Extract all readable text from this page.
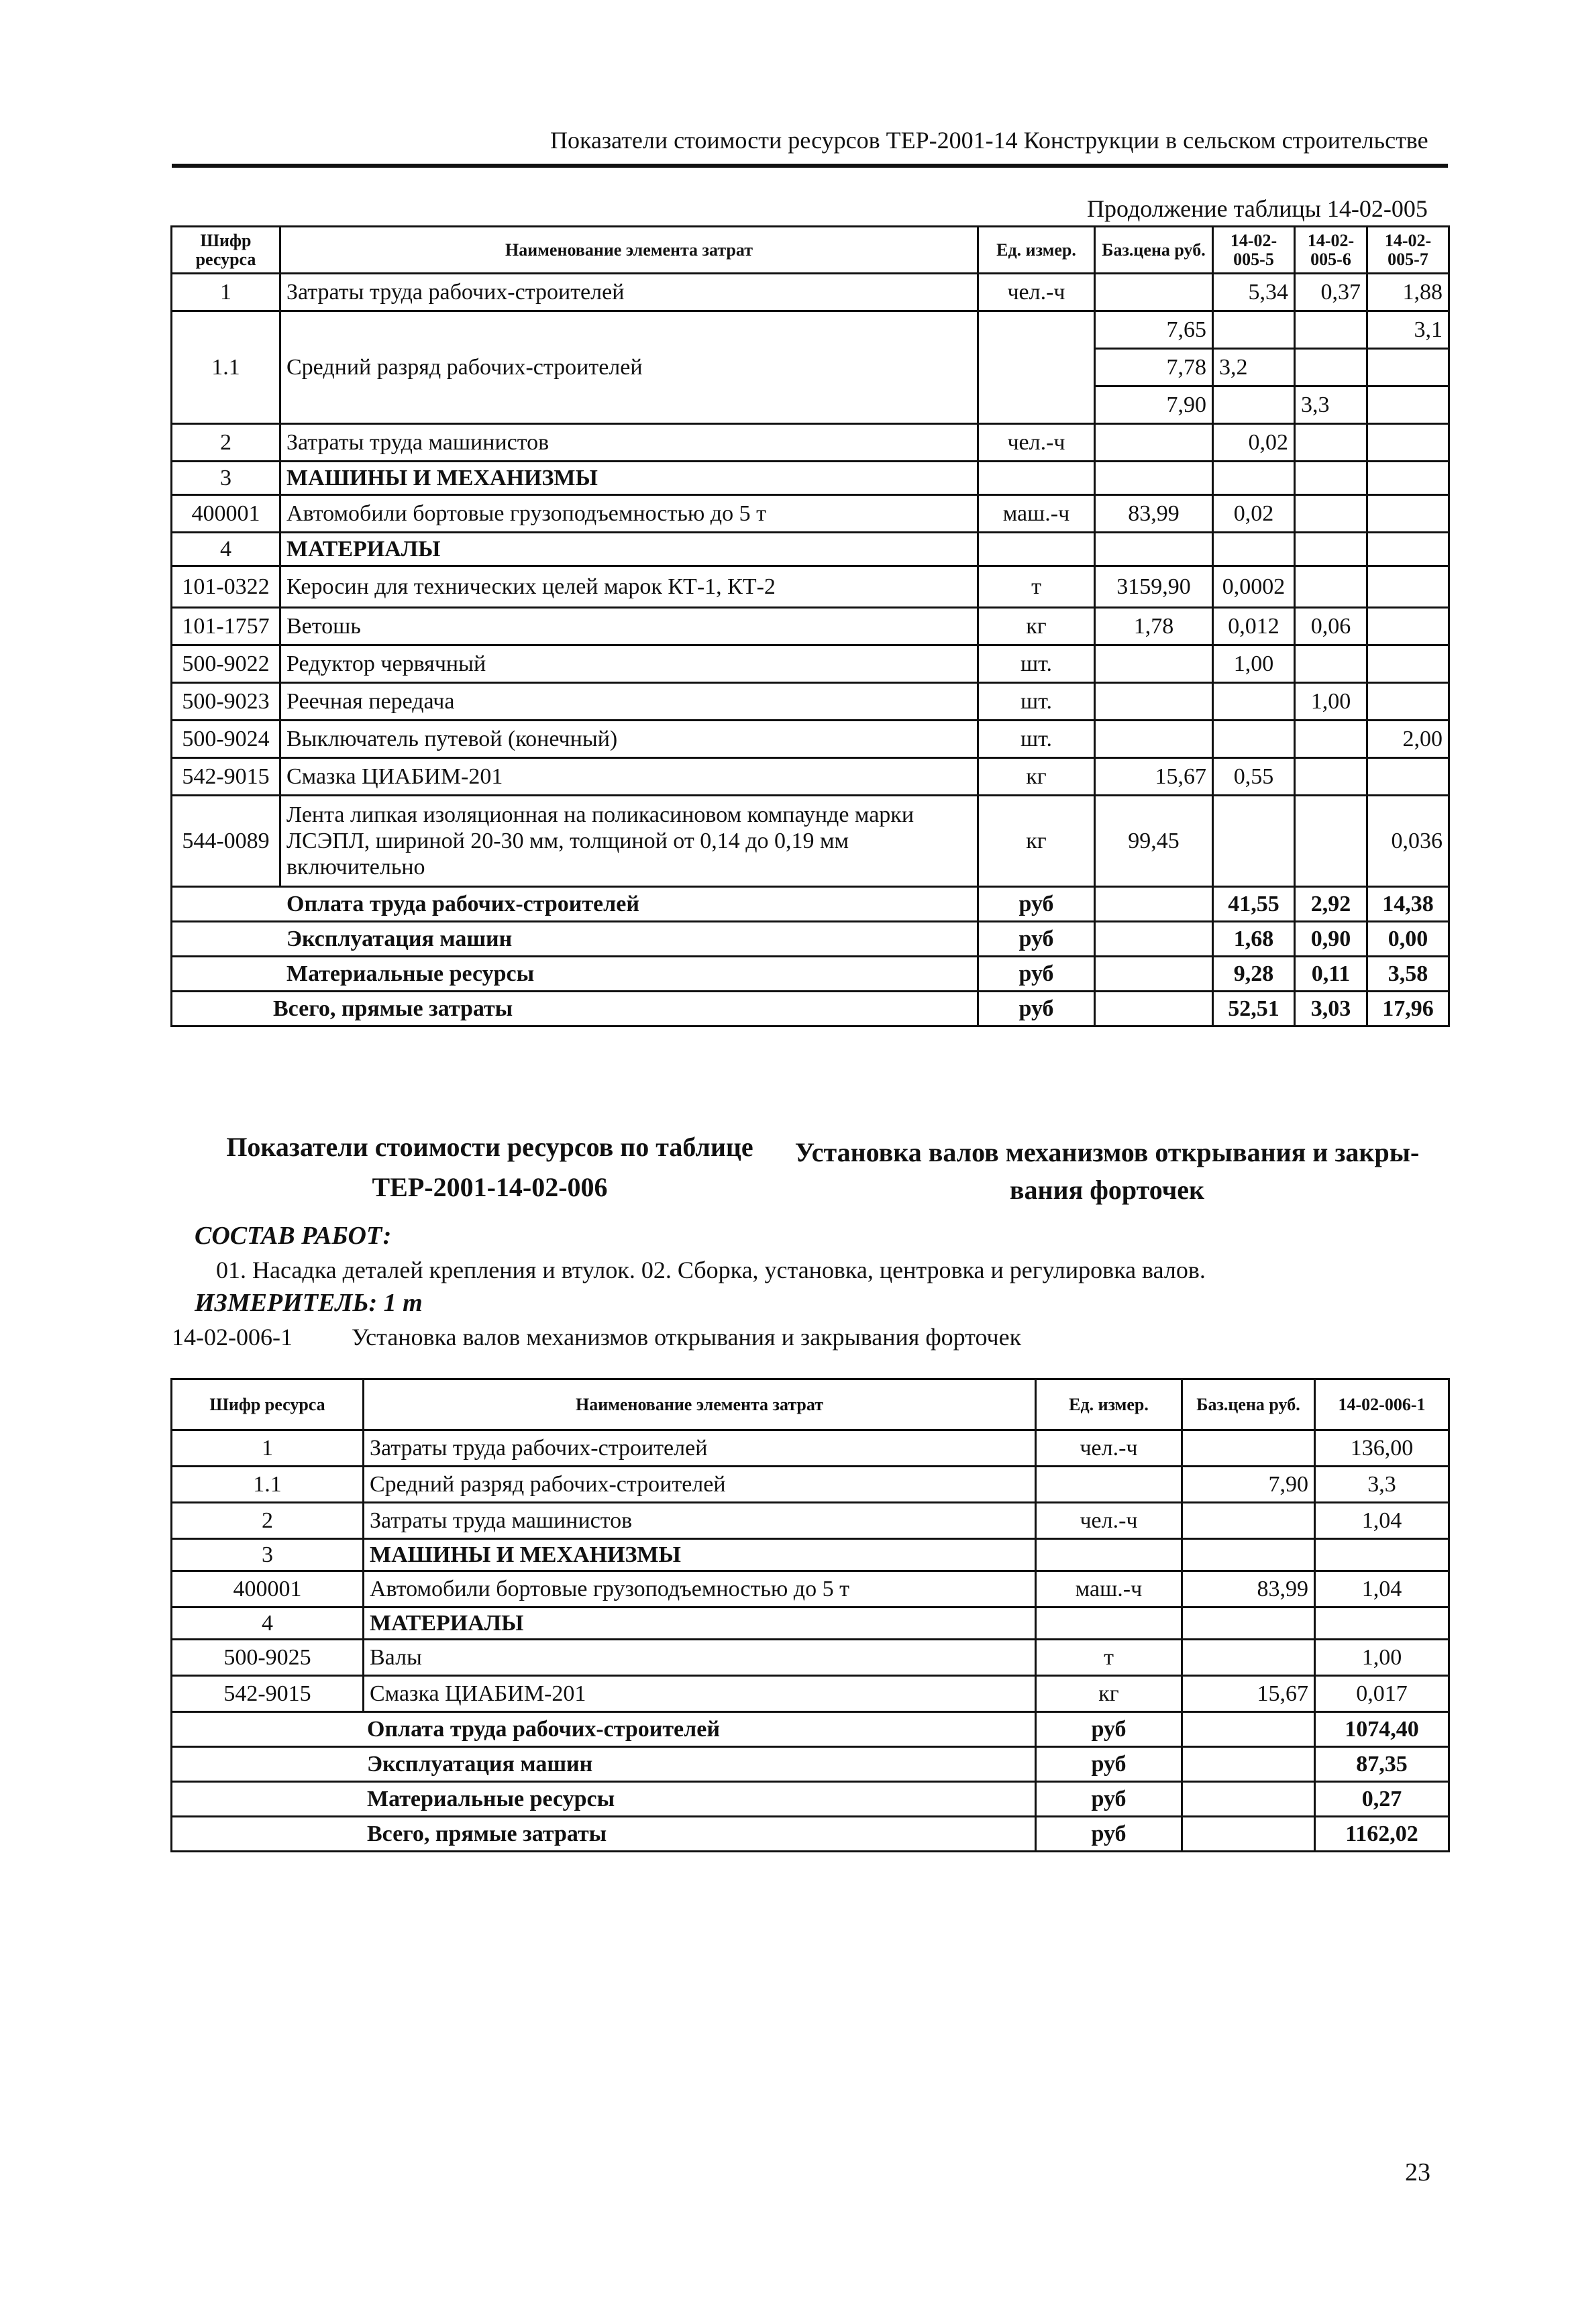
Показатели стоимости ресурсов ТЕР-2001-14 Конструкции в сельском строительстве
Продолжение таблицы 14-02-005
Шифр ресурса	Наименование элемента затрат	Ед. измер.	Баз.цена руб.	14-02-005-5	14-02-005-6	14-02-005-7
1	Затраты труда рабочих-строителей	чел.-ч		5,34	0,37	1,88
1.1	Средний разряд рабочих-строителей		7,65			3,1
			7,78	3,2		
			7,90		3,3	
2	Затраты труда машинистов	чел.-ч		0,02		
3	МАШИНЫ И МЕХАНИЗМЫ					
400001	Автомобили бортовые грузоподъемностью до 5 т	маш.-ч	83,99	0,02		
4	МАТЕРИАЛЫ					
101-0322	Керосин для технических целей марок КТ-1, КТ-2	т	3159,90	0,0002		
101-1757	Ветошь	кг	1,78	0,012	0,06	
500-9022	Редуктор червячный	шт.		1,00		
500-9023	Реечная передача	шт.			1,00	
500-9024	Выключатель путевой (конечный)	шт.				2,00
542-9015	Смазка ЦИАБИМ-201	кг	15,67	0,55		
544-0089	Лента липкая изоляционная на поликасиновом компаунде марки ЛСЭПЛ, шириной 20-30 мм, толщиной от 0,14 до 0,19 мм включительно	кг	99,45			0,036
Оплата труда рабочих-строителей		руб		41,55	2,92	14,38
Эксплуатация машин		руб		1,68	0,90	0,00
Материальные ресурсы		руб		9,28	0,11	3,58
Всего, прямые затраты		руб		52,51	3,03	17,96
Показатели стоимости ресурсов по таблице
ТЕР-2001-14-02-006
Установка валов механизмов открывания и закры-
вания форточек
СОСТАВ РАБОТ:
01. Насадка деталей крепления и втулок. 02. Сборка, установка, центровка и регулировка валов.
ИЗМЕРИТЕЛЬ: 1 т
14-02-006-1 Установка валов механизмов открывания и закрывания форточек
Шифр ресурса	Наименование элемента затрат	Ед. измер.	Баз.цена руб.	14-02-006-1
1	Затраты труда рабочих-строителей	чел.-ч		136,00
1.1	Средний разряд рабочих-строителей		7,90	3,3
2	Затраты труда машинистов	чел.-ч		1,04
3	МАШИНЫ И МЕХАНИЗМЫ			
400001	Автомобили бортовые грузоподъемностью до 5 т	маш.-ч	83,99	1,04
4	МАТЕРИАЛЫ			
500-9025	Валы	т		1,00
542-9015	Смазка ЦИАБИМ-201	кг	15,67	0,017
Оплата труда рабочих-строителей		руб		1074,40
Эксплуатация машин		руб		87,35
Материальные ресурсы		руб		0,27
Всего, прямые затраты		руб		1162,02
23
